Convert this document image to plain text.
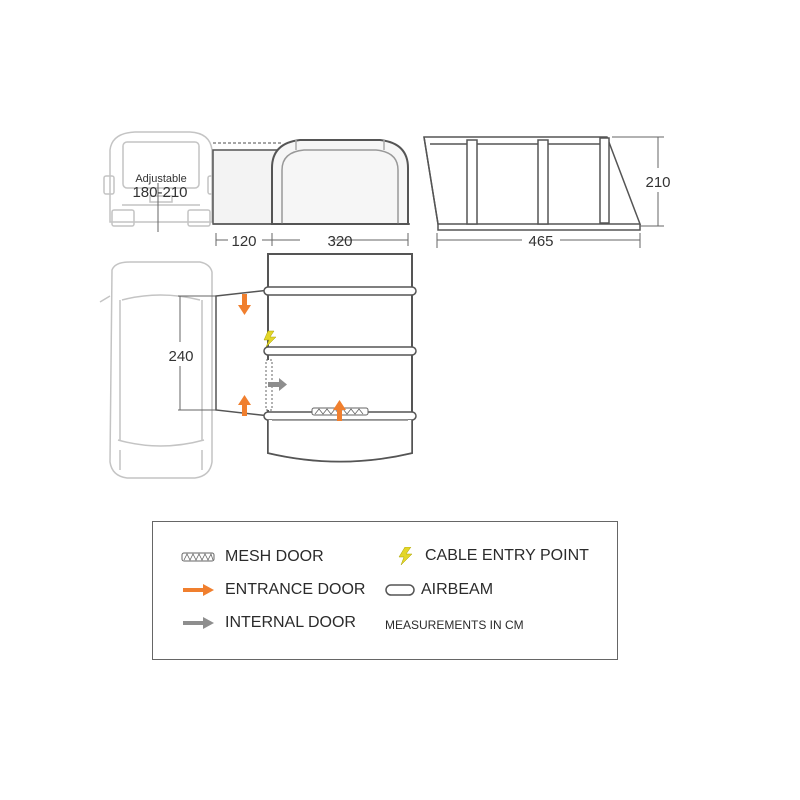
Adjustable
180-210
120	320
210
465
240
MESH DOOR
ENTRANCE DOOR
INTERNAL DOOR
CABLE ENTRY POINT
AIRBEAM
MEASUREMENTS IN CM
